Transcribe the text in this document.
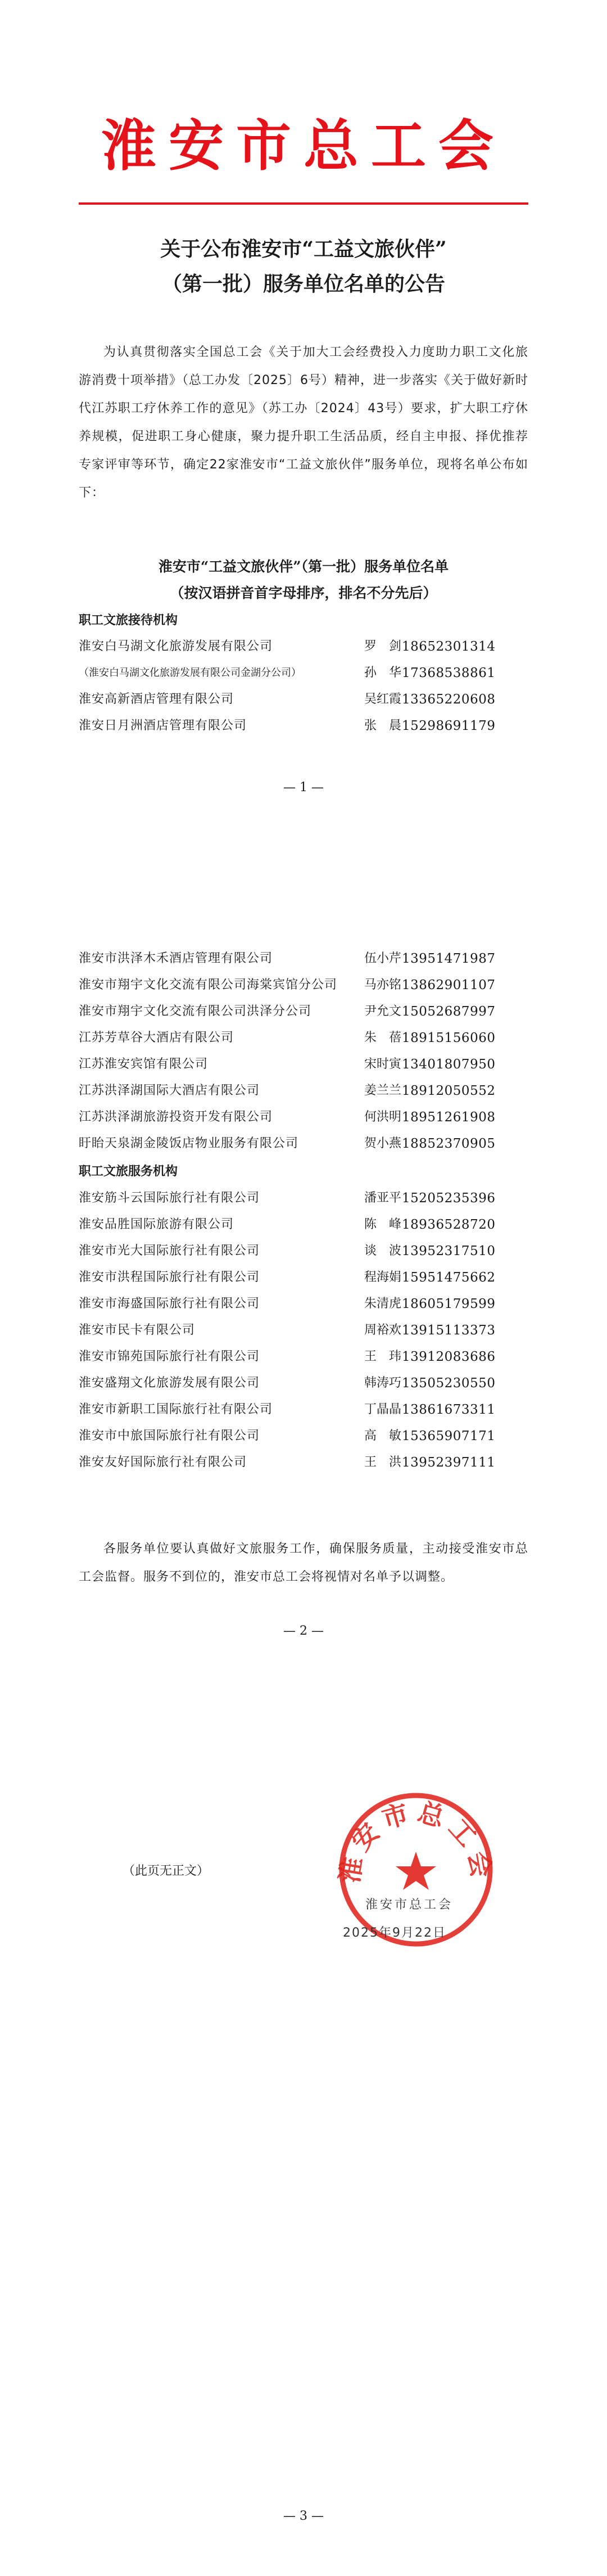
淮安市总工会
关于公布淮安市“工益文旅伙伴”
（第一批）服务单位名单的公告
为认真贯彻落实全国总工会《关于加大工会经费投入力度助力职工文化旅游消费十项举措》（总工办发〔2025〕6号）精神，进一步落实《关于做好新时代江苏职工疗休养工作的意见》（苏工办〔2024〕43号）要求，扩大职工疗休养规模，促进职工身心健康，聚力提升职工生活品质，经自主申报、择优推荐专家评审等环节，确定22家淮安市“工益文旅伙伴”服务单位，现将名单公布如下：
淮安市“工益文旅伙伴”（第一批）服务单位名单
（按汉语拼音首字母排序，排名不分先后）
职工文旅接待机构
淮安白马湖文化旅游发展有限公司	罗　剑 18652301314
（淮安白马湖文化旅游发展有限公司金湖分公司）	孙　华 17368538861
淮安高新酒店管理有限公司	吴红霞 13365220608
淮安日月洲酒店管理有限公司	张　晨 15298691179
— 1 —
淮安市洪泽木禾酒店管理有限公司	伍小芹 13951471987
淮安市翔宇文化交流有限公司海棠宾馆分公司 马亦铭 13862901107
淮安市翔宇文化交流有限公司洪泽分公司	尹允文 15052687997
江苏芳草谷大酒店有限公司	朱　蓓 18915156060
江苏淮安宾馆有限公司	宋时寅 13401807950
江苏洪泽湖国际大酒店有限公司	姜兰兰 18912050552
江苏洪泽湖旅游投资开发有限公司	何洪明 18951261908
盱眙天泉湖金陵饭店物业服务有限公司	贺小燕 18852370905
职工文旅服务机构
淮安筋斗云国际旅行社有限公司	潘亚平 15205235396
淮安品胜国际旅游有限公司	陈　峰 18936528720
淮安市光大国际旅行社有限公司	谈　波 13952317510
淮安市洪程国际旅行社有限公司	程海娟 15951475662
淮安市海盛国际旅行社有限公司	朱清虎 18605179599
淮安市民卡有限公司	周裕欢 13915113373
淮安市锦苑国际旅行社有限公司	王　玮 13912083686
淮安盛翔文化旅游发展有限公司	韩涛巧 13505230550
淮安市新职工国际旅行社有限公司	丁晶晶 13861673311
淮安市中旅国际旅行社有限公司	高　敏 15365907171
淮安友好国际旅行社有限公司	王　洪 13952397111
各服务单位要认真做好文旅服务工作，确保服务质量，主动接受淮安市总工会监督。服务不到位的，淮安市总工会将视情对名单予以调整。
— 2 —
（此页无正文）	淮安市总工会
淮安市总工会
2025年9月22日
— 3 —
